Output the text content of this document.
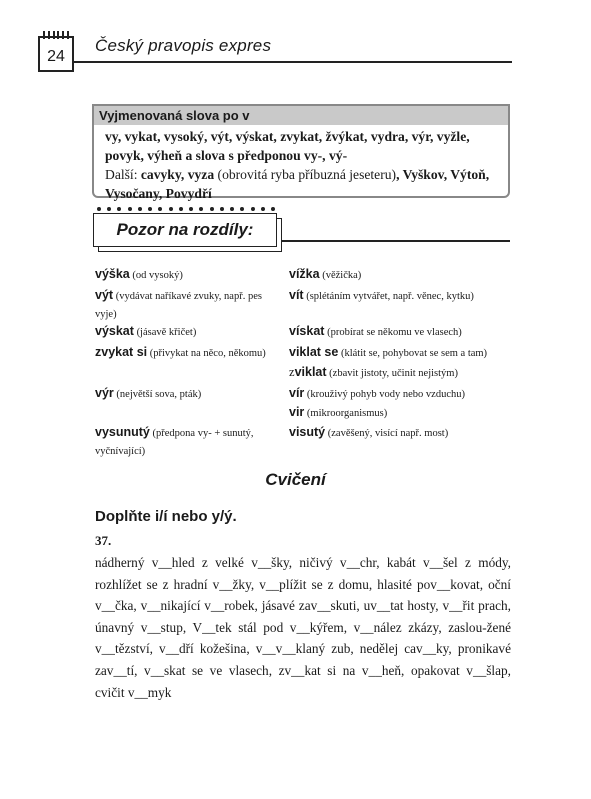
24
Český pravopis expres
Vyjmenovaná slova po v
vy, vykat, vysoký, výt, výskat, zvykat, žvýkat, vydra, výr, vyžle, povyk, výheň a slova s předponou vy-, vý-
Další: cavyky, vyza (obrovitá ryba příbuzná jeseteru), Vyškov, Výtoň, Vysočany, Povydří
Pozor na rozdíly:
výška (od vysoký)
výt (vydávat naříkavé zvuky, např. pes vyje)
výskat (jásavě křičet)
zvykat si (přivykat na něco, někomu)
výr (největší sova, pták)
vysunutý (předpona vy- + sunutý, vyčnívající)
vížka (věžička)
vít (splétáním vytvářet, např. věnec, kytku)
vískat (probírat se někomu ve vlasech)
viklat se (klátit se, pohybovat se sem a tam)
zviklat (zbavit jistoty, učinit nejistým)
vír (krouživý pohyb vody nebo vzduchu)
vir (mikroorganismus)
visutý (zavěšený, visící např. most)
Cvičení
Doplňte i/í nebo y/ý.
37.
nádherný v__hled z velké v__šky, ničivý v__chr, kabát v__šel z módy, rozhlížet se z hradní v__žky, v__plížit se z domu, hlasité pov__kovat, oční v__čka, v__nikající v__robek, jásavé zav__skuti, uv__tat hosty, v__řit prach, únavný v__stup, V__tek stál pod v__kýřem, v__nález zkázy, zaslou-žené v__tězství, v__dří kožešina, v__v__klaný zub, nedělej cav__ky, pronikavé zav__tí, v__skat se ve vlasech, zv__kat si na v__heň, opakovat v__šlap, cvičit v__myk
